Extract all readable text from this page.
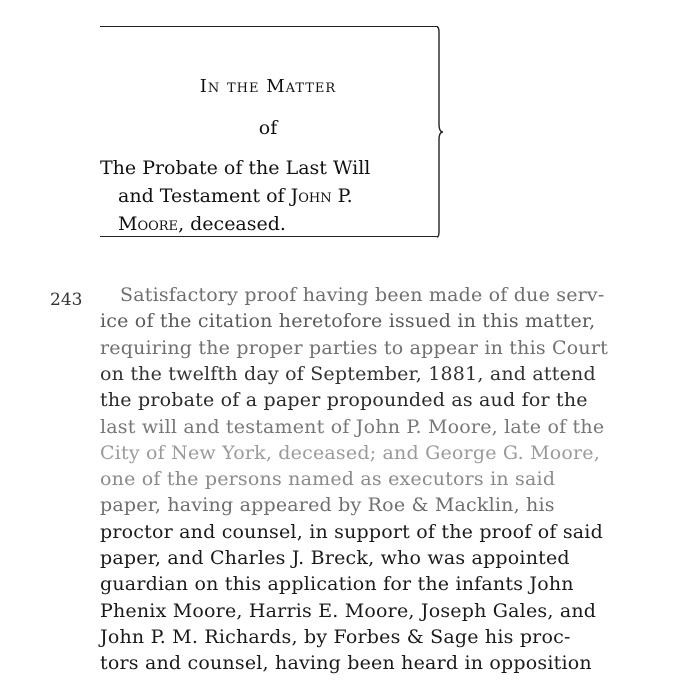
In the Matter
of
The Probate of the Last Will
and Testament of John P.
Moore, deceased.
243 Satisfactory proof having been made of due serv-
ice of the citation heretofore issued in this matter,
requiring the proper parties to appear in this Court
on the twelfth day of September, 1881, and attend
the probate of a paper propounded as aud for the
last will and testament of John P. Moore, late of the
City of New York, deceased; and George G. Moore,
one of the persons named as executors in said
paper, having appeared by Roe & Macklin, his
proctor and counsel, in support of the proof of said
paper, and Charles J. Breck, who was appointed
guardian on this application for the infants John
Phenix Moore, Harris E. Moore, Joseph Gales, and
John P. M. Richards, by Forbes & Sage his proc-
tors and counsel, having been heard in opposition
